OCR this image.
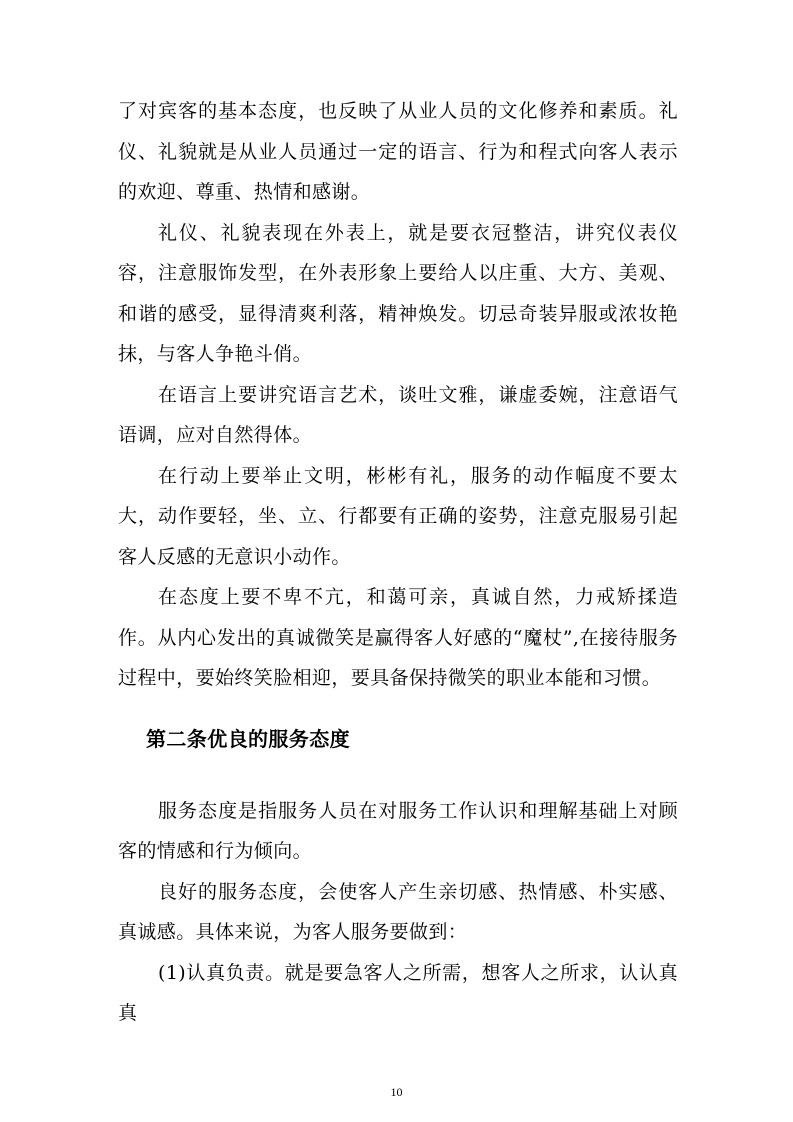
了对宾客的基本态度，也反映了从业人员的文化修养和素质。礼仪、礼貌就是从业人员通过一定的语言、行为和程式向客人表示的欢迎、尊重、热情和感谢。

礼仪、礼貌表现在外表上，就是要衣冠整洁，讲究仪表仪容，注意服饰发型，在外表形象上要给人以庄重、大方、美观、和谐的感受，显得清爽利落，精神焕发。切忌奇装异服或浓妆艳抹，与客人争艳斗俏。

在语言上要讲究语言艺术，谈吐文雅，谦虚委婉，注意语气语调，应对自然得体。

在行动上要举止文明，彬彬有礼，服务的动作幅度不要太大，动作要轻，坐、立、行都要有正确的姿势，注意克服易引起客人反感的无意识小动作。

在态度上要不卑不亢，和蔼可亲，真诚自然，力戒矫揉造作。从内心发出的真诚微笑是赢得客人好感的“魔杖”,在接待服务过程中，要始终笑脸相迎，要具备保持微笑的职业本能和习惯。

第二条优良的服务态度

服务态度是指服务人员在对服务工作认识和理解基础上对顾客的情感和行为倾向。

良好的服务态度，会使客人产生亲切感、热情感、朴实感、真诚感。具体来说，为客人服务要做到：

(1)认真负责。就是要急客人之所需，想客人之所求，认认真真

10
